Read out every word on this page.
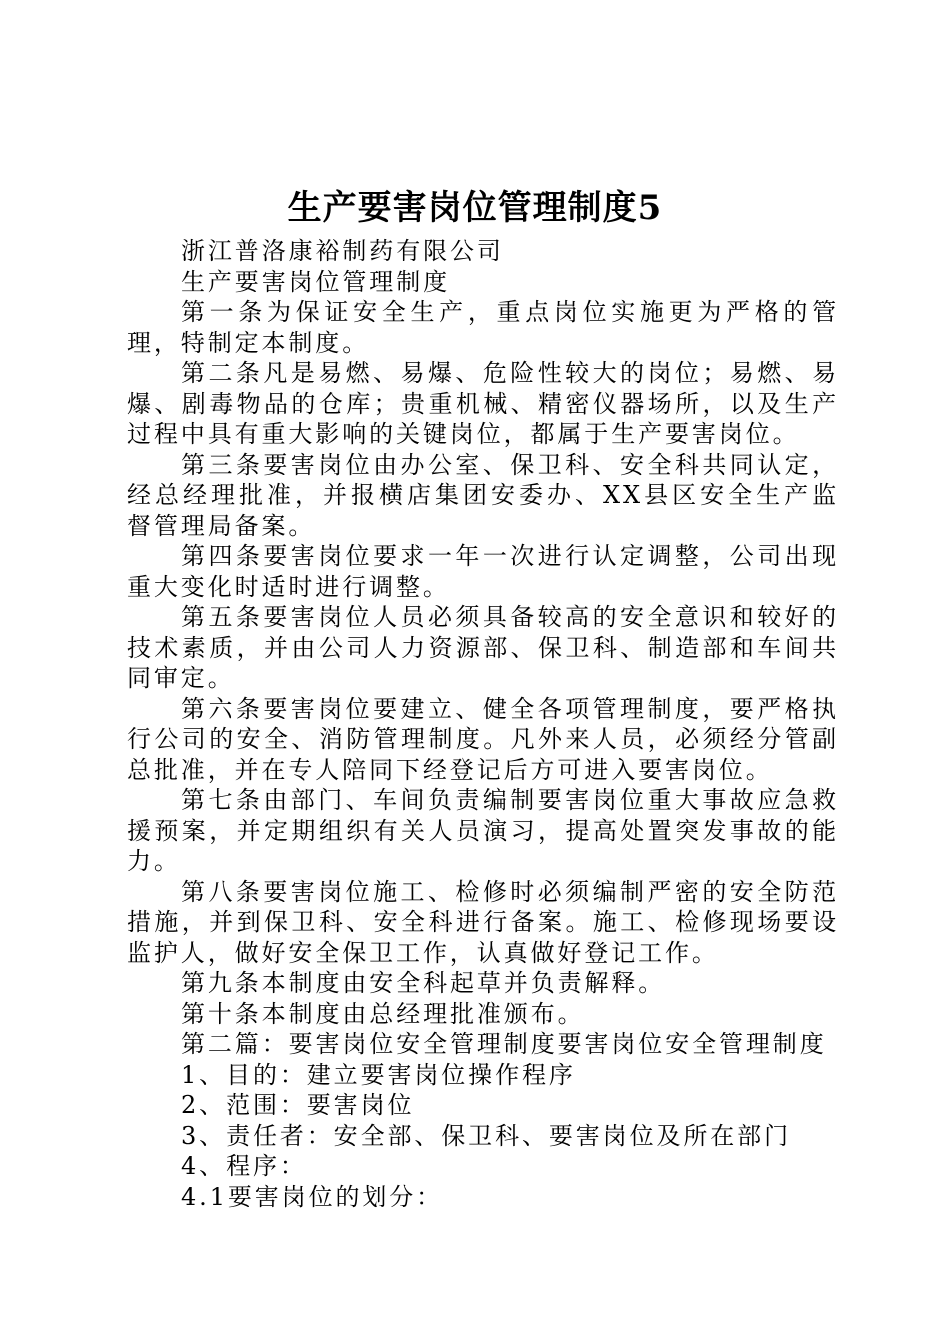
生产要害岗位管理制度5

浙江普洛康裕制药有限公司

生产要害岗位管理制度

第一条为保证安全生产，重点岗位实施更为严格的管理，特制定本制度。

第二条凡是易燃、易爆、危险性较大的岗位；易燃、易爆、剧毒物品的仓库；贵重机械、精密仪器场所，以及生产过程中具有重大影响的关键岗位，都属于生产要害岗位。

第三条要害岗位由办公室、保卫科、安全科共同认定，经总经理批准，并报横店集团安委办、XX县区安全生产监督管理局备案。

第四条要害岗位要求一年一次进行认定调整，公司出现重大变化时适时进行调整。

第五条要害岗位人员必须具备较高的安全意识和较好的技术素质，并由公司人力资源部、保卫科、制造部和车间共同审定。

第六条要害岗位要建立、健全各项管理制度，要严格执行公司的安全、消防管理制度。凡外来人员，必须经分管副总批准，并在专人陪同下经登记后方可进入要害岗位。

第七条由部门、车间负责编制要害岗位重大事故应急救援预案，并定期组织有关人员演习，提高处置突发事故的能力。

第八条要害岗位施工、检修时必须编制严密的安全防范措施，并到保卫科、安全科进行备案。施工、检修现场要设监护人，做好安全保卫工作，认真做好登记工作。

第九条本制度由安全科起草并负责解释。

第十条本制度由总经理批准颁布。

第二篇：要害岗位安全管理制度要害岗位安全管理制度

1、目的：建立要害岗位操作程序

2、范围：要害岗位

3、责任者：安全部、保卫科、要害岗位及所在部门

4、程序：

4.1要害岗位的划分：
